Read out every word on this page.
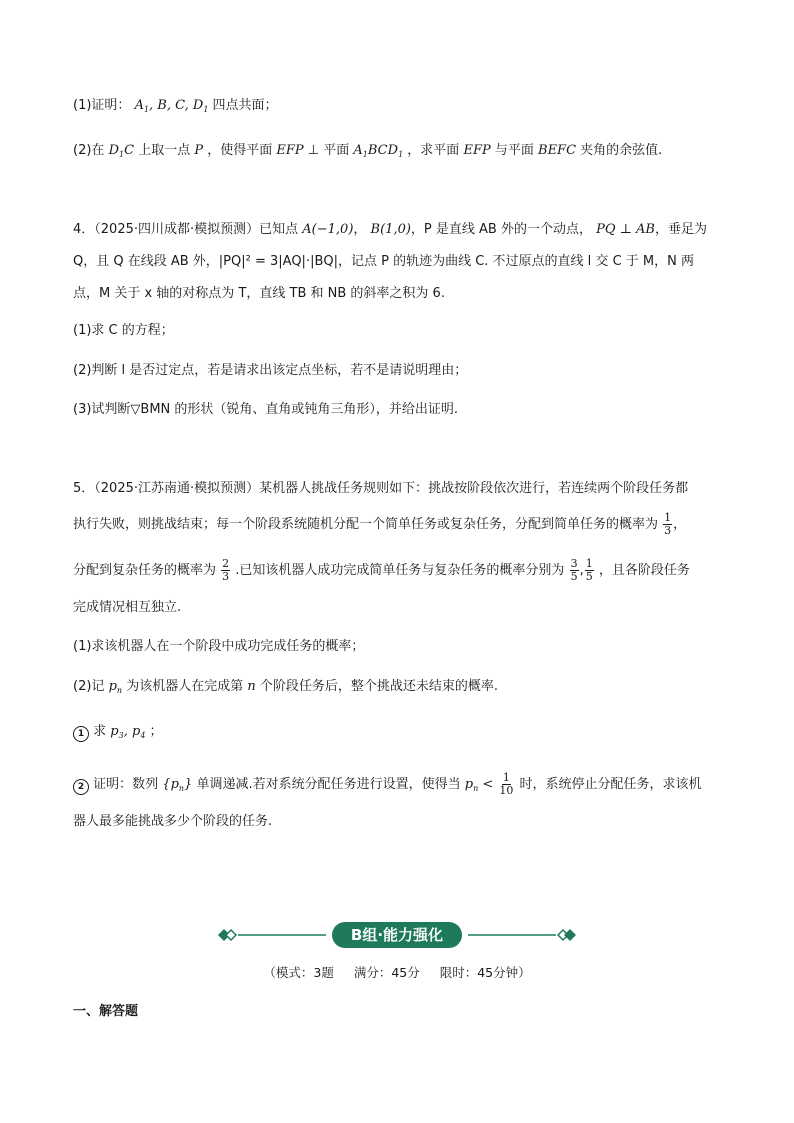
(1)证明： $A_1$, B, C, $D_1$ 四点共面；
(2)在 $D_1C$ 上取一点 P ，使得平面 EFP ⊥ 平面 $A_1BCD_1$ ，求平面 EFP 与平面 BEFC 夹角的余弦值.
4．（2025·四川成都·模拟预测）已知点 A(−1,0)， B(1,0)，P 是直线 AB 外的一个动点， PQ ⊥ AB，垂足为
Q，且 Q 在线段 AB 外，|PQ|² = 3|AQ|·|BQ|，记点 P 的轨迹为曲线 C. 不过原点的直线 l 交 C 于 M，N 两
点，M 关于 x 轴的对称点为 T，直线 TB 和 NB 的斜率之积为 6.
(1)求 C 的方程；
(2)判断 l 是否过定点，若是请求出该定点坐标，若不是请说明理由；
(3)试判断▽BMN 的形状（锐角、直角或钝角三角形），并给出证明.
5．（2025·江苏南通·模拟预测）某机器人挑战任务规则如下：挑战按阶段依次进行，若连续两个阶段任务都
执行失败，则挑战结束；每一个阶段系统随机分配一个简单任务或复杂任务，分配到简单任务的概率为 $\frac{1}{3}$ ，
分配到复杂任务的概率为 $\frac{2}{3}$ .已知该机器人成功完成简单任务与复杂任务的概率分别为 $\frac{3}{5}$ , $\frac{1}{5}$ ，且各阶段任务
完成情况相互独立.
(1)求该机器人在一个阶段中成功完成任务的概率；
(2)记 $p_n$ 为该机器人在完成第 n 个阶段任务后，整个挑战还未结束的概率.
1 求 $p_3$, $p_4$ ；
2 证明：数列 $\{p_n\}$ 单调递减.若对系统分配任务进行设置，使得当 $p_n < \frac{1}{10}$ 时，系统停止分配任务，求该机
器人最多能挑战多少个阶段的任务.
B组·能力强化
（模式：3题 满分：45分 限时：45分钟）
一、解答题
